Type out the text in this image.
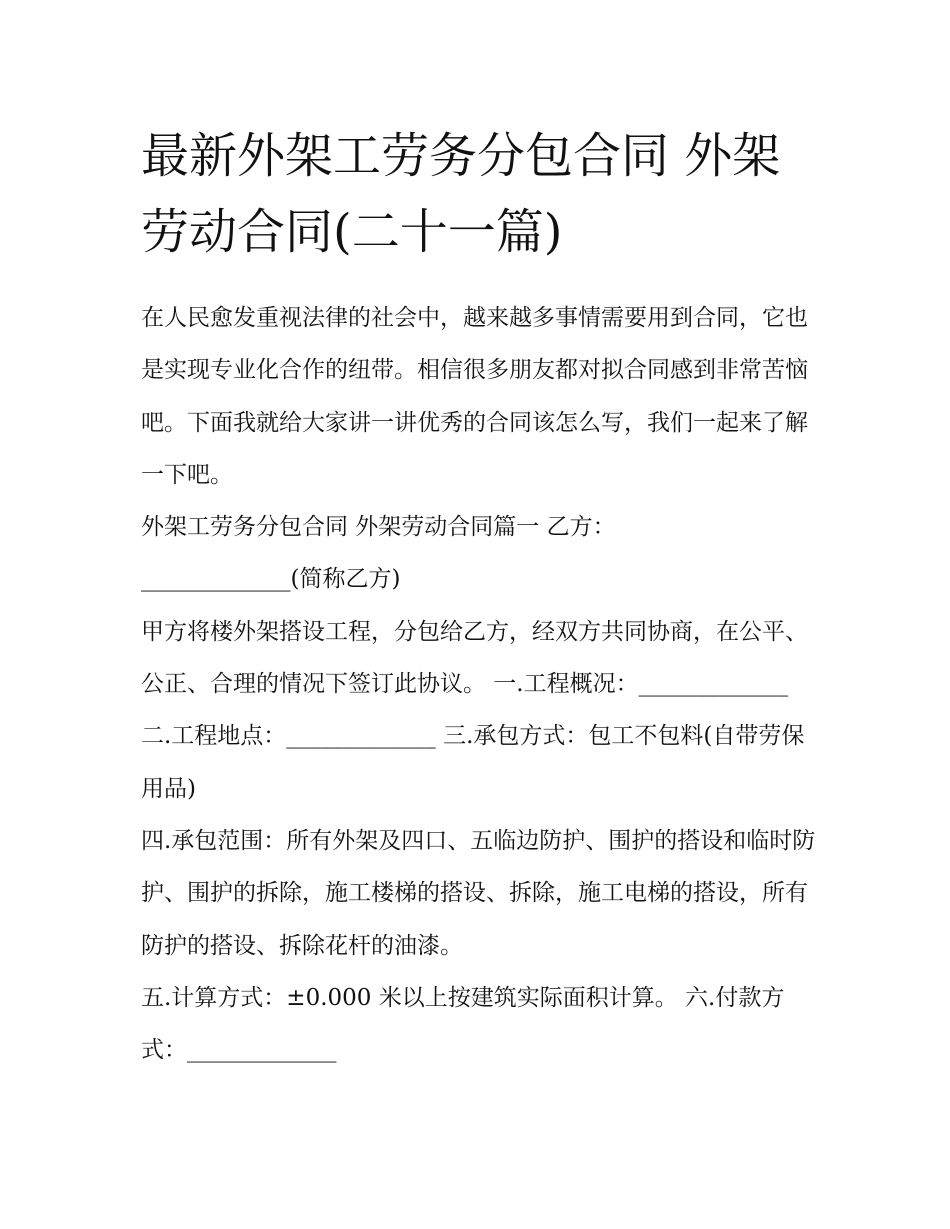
最新外架工劳务分包合同 外架劳动合同(二十一篇)

在人民愈发重视法律的社会中，越来越多事情需要用到合同，它也是实现专业化合作的纽带。相信很多朋友都对拟合同感到非常苦恼吧。下面我就给大家讲一讲优秀的合同该怎么写，我们一起来了解一下吧。

外架工劳务分包合同 外架劳动合同篇一 乙方：

_____________(简称乙方)

甲方将楼外架搭设工程，分包给乙方，经双方共同协商，在公平、公正、合理的情况下签订此协议。 一.工程概况：_____________

二.工程地点：_____________ 三.承包方式：包工不包料(自带劳保用品)

四.承包范围：所有外架及四口、五临边防护、围护的搭设和临时防护、围护的拆除，施工楼梯的搭设、拆除，施工电梯的搭设，所有防护的搭设、拆除花杆的油漆。

五.计算方式：±0.000 米以上按建筑实际面积计算。 六.付款方式：_____________
